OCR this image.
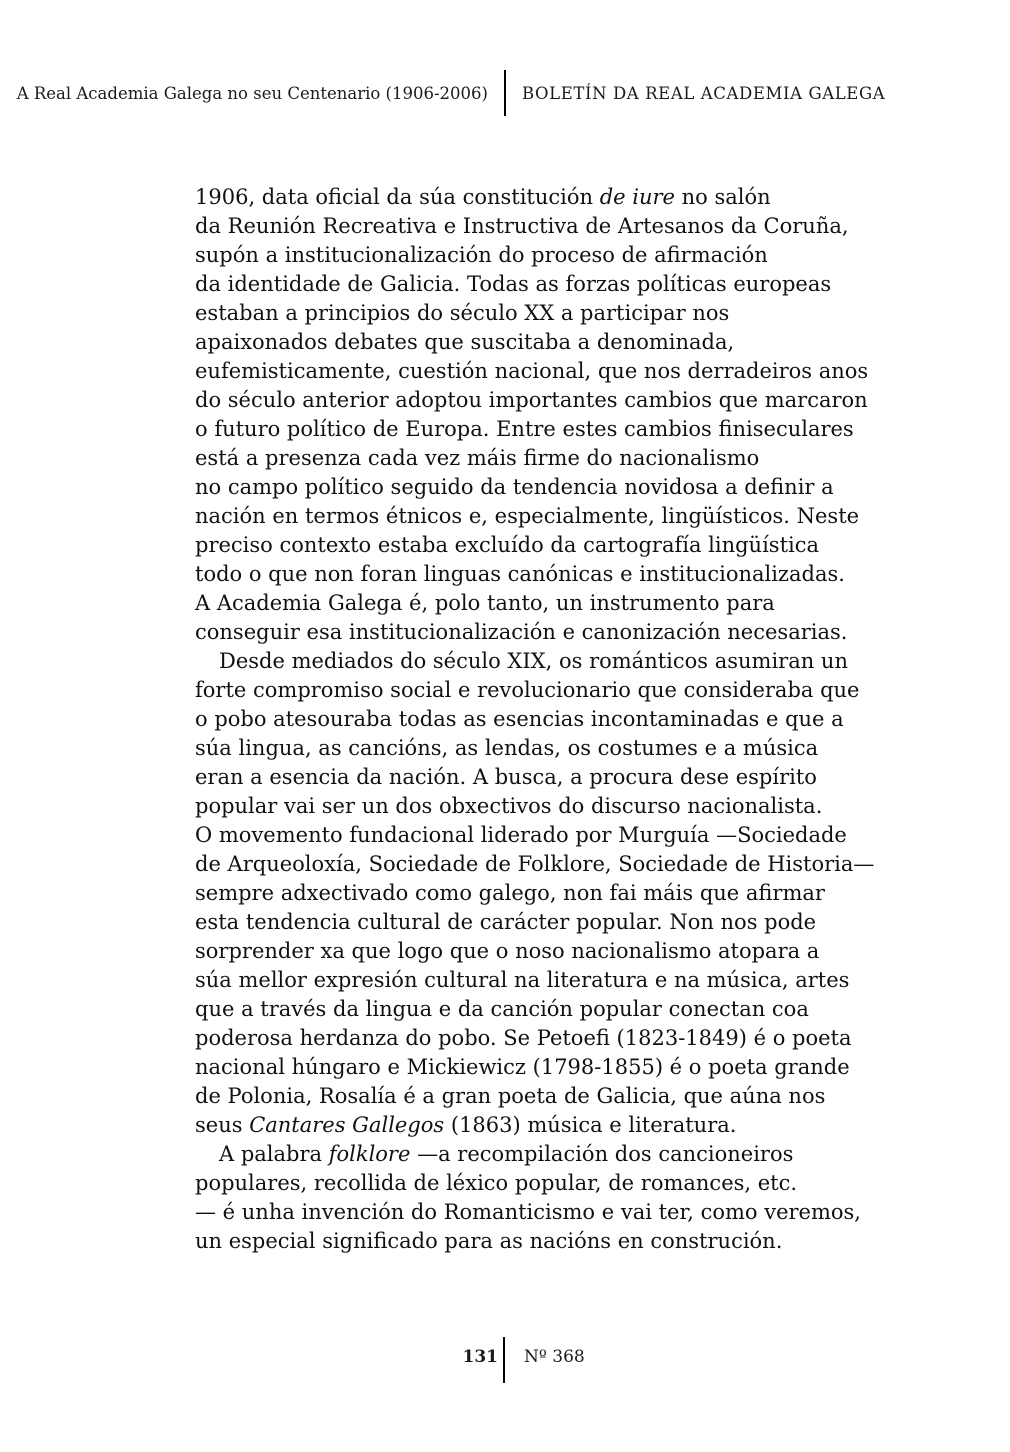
A Real Academia Galega no seu Centenario (1906-2006) BOLETÍN DA REAL ACADEMIA GALEGA
1906, data oficial da súa constitución de iure no salón
da Reunión Recreativa e Instructiva de Artesanos da Coruña,
supón a institucionalización do proceso de afirmación
da identidade de Galicia. Todas as forzas políticas europeas
estaban a principios do século XX a participar nos
apaixonados debates que suscitaba a denominada,
eufemisticamente, cuestión nacional, que nos derradeiros anos
do século anterior adoptou importantes cambios que marcaron
o futuro político de Europa. Entre estes cambios finiseculares
está a presenza cada vez máis firme do nacionalismo
no campo político seguido da tendencia novidosa a definir a
nación en termos étnicos e, especialmente, lingüísticos. Neste
preciso contexto estaba excluído da cartografía lingüística
todo o que non foran linguas canónicas e institucionalizadas.
A Academia Galega é, polo tanto, un instrumento para
conseguir esa institucionalización e canonización necesarias.
Desde mediados do século XIX, os románticos asumiran un
forte compromiso social e revolucionario que consideraba que
o pobo atesouraba todas as esencias incontaminadas e que a
súa lingua, as cancións, as lendas, os costumes e a música
eran a esencia da nación. A busca, a procura dese espírito
popular vai ser un dos obxectivos do discurso nacionalista.
O movemento fundacional liderado por Murguía —Sociedade
de Arqueoloxía, Sociedade de Folklore, Sociedade de Historia—
sempre adxectivado como galego, non fai máis que afirmar
esta tendencia cultural de carácter popular. Non nos pode
sorprender xa que logo que o noso nacionalismo atopara a
súa mellor expresión cultural na literatura e na música, artes
que a través da lingua e da canción popular conectan coa
poderosa herdanza do pobo. Se Petoefi (1823-1849) é o poeta
nacional húngaro e Mickiewicz (1798-1855) é o poeta grande
de Polonia, Rosalía é a gran poeta de Galicia, que aúna nos
seus Cantares Gallegos (1863) música e literatura.
A palabra folklore —a recompilación dos cancioneiros
populares, recollida de léxico popular, de romances, etc.
— é unha invención do Romanticismo e vai ter, como veremos,
un especial significado para as nacións en construción.
131 Nº 368
